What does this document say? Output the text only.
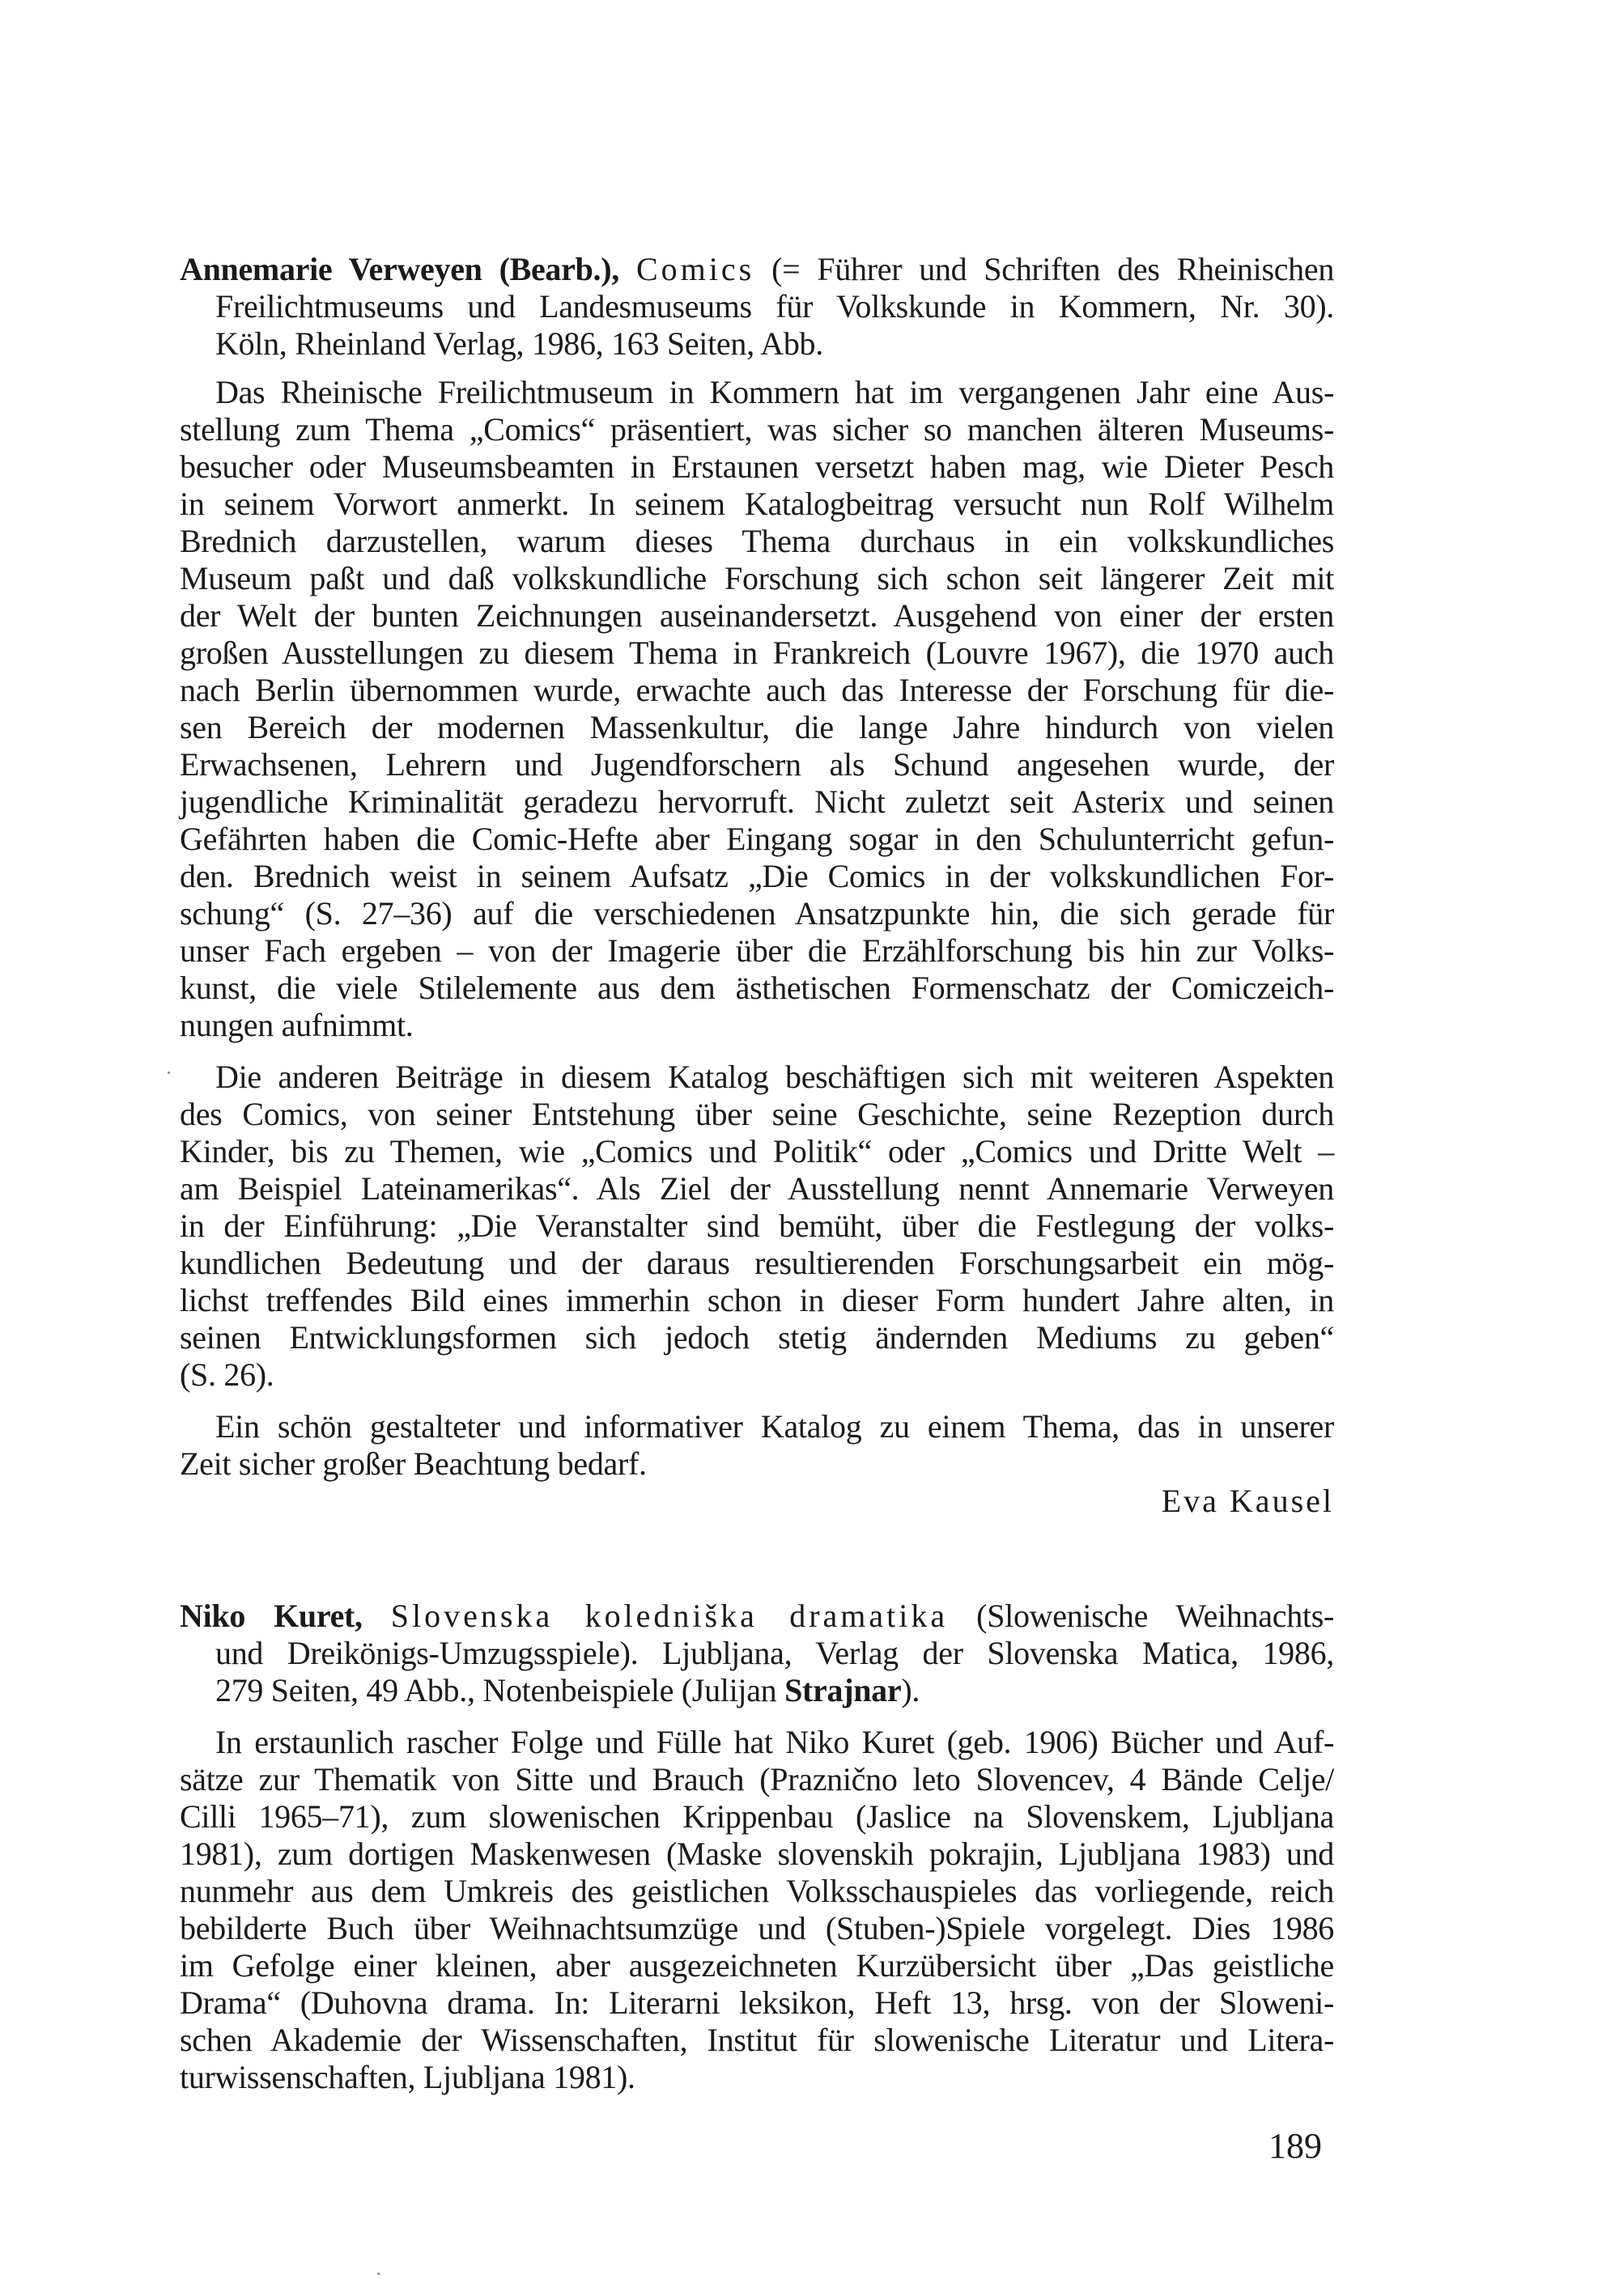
Annemarie Verweyen (Bearb.), Comics (= Führer und Schriften des Rheinischen
Freilichtmuseums und Landesmuseums für Volkskunde in Kommern, Nr. 30).
Köln, Rheinland Verlag, 1986, 163 Seiten, Abb.
Das Rheinische Freilichtmuseum in Kommern hat im vergangenen Jahr eine Aus-
stellung zum Thema „Comics“ präsentiert, was sicher so manchen älteren Museums-
besucher oder Museumsbeamten in Erstaunen versetzt haben mag, wie Dieter Pesch
in seinem Vorwort anmerkt. In seinem Katalogbeitrag versucht nun Rolf Wilhelm
Brednich darzustellen, warum dieses Thema durchaus in ein volkskundliches
Museum paßt und daß volkskundliche Forschung sich schon seit längerer Zeit mit
der Welt der bunten Zeichnungen auseinandersetzt. Ausgehend von einer der ersten
großen Ausstellungen zu diesem Thema in Frankreich (Louvre 1967), die 1970 auch
nach Berlin übernommen wurde, erwachte auch das Interesse der Forschung für die-
sen Bereich der modernen Massenkultur, die lange Jahre hindurch von vielen
Erwachsenen, Lehrern und Jugendforschern als Schund angesehen wurde, der
jugendliche Kriminalität geradezu hervorruft. Nicht zuletzt seit Asterix und seinen
Gefährten haben die Comic-Hefte aber Eingang sogar in den Schulunterricht gefun-
den. Brednich weist in seinem Aufsatz „Die Comics in der volkskundlichen For-
schung“ (S. 27–36) auf die verschiedenen Ansatzpunkte hin, die sich gerade für
unser Fach ergeben – von der Imagerie über die Erzählforschung bis hin zur Volks-
kunst, die viele Stilelemente aus dem ästhetischen Formenschatz der Comiczeich-
nungen aufnimmt.
Die anderen Beiträge in diesem Katalog beschäftigen sich mit weiteren Aspekten
des Comics, von seiner Entstehung über seine Geschichte, seine Rezeption durch
Kinder, bis zu Themen, wie „Comics und Politik“ oder „Comics und Dritte Welt –
am Beispiel Lateinamerikas“. Als Ziel der Ausstellung nennt Annemarie Verweyen
in der Einführung: „Die Veranstalter sind bemüht, über die Festlegung der volks-
kundlichen Bedeutung und der daraus resultierenden Forschungsarbeit ein mög-
lichst treffendes Bild eines immerhin schon in dieser Form hundert Jahre alten, in
seinen Entwicklungsformen sich jedoch stetig ändernden Mediums zu geben“
(S. 26).
Ein schön gestalteter und informativer Katalog zu einem Thema, das in unserer
Zeit sicher großer Beachtung bedarf.
Eva Kausel
Niko Kuret, Slovenska koledniška dramatika (Slowenische Weihnachts-
und Dreikönigs-Umzugsspiele). Ljubljana, Verlag der Slovenska Matica, 1986,
279 Seiten, 49 Abb., Notenbeispiele (Julijan Strajnar).
In erstaunlich rascher Folge und Fülle hat Niko Kuret (geb. 1906) Bücher und Auf-
sätze zur Thematik von Sitte und Brauch (Praznično leto Slovencev, 4 Bände Celje/
Cilli 1965–71), zum slowenischen Krippenbau (Jaslice na Slovenskem, Ljubljana
1981), zum dortigen Maskenwesen (Maske slovenskih pokrajin, Ljubljana 1983) und
nunmehr aus dem Umkreis des geistlichen Volksschauspieles das vorliegende, reich
bebilderte Buch über Weihnachtsumzüge und (Stuben-)Spiele vorgelegt. Dies 1986
im Gefolge einer kleinen, aber ausgezeichneten Kurzübersicht über „Das geistliche
Drama“ (Duhovna drama. In: Literarni leksikon, Heft 13, hrsg. von der Sloweni-
schen Akademie der Wissenschaften, Institut für slowenische Literatur und Litera-
turwissenschaften, Ljubljana 1981).
189
